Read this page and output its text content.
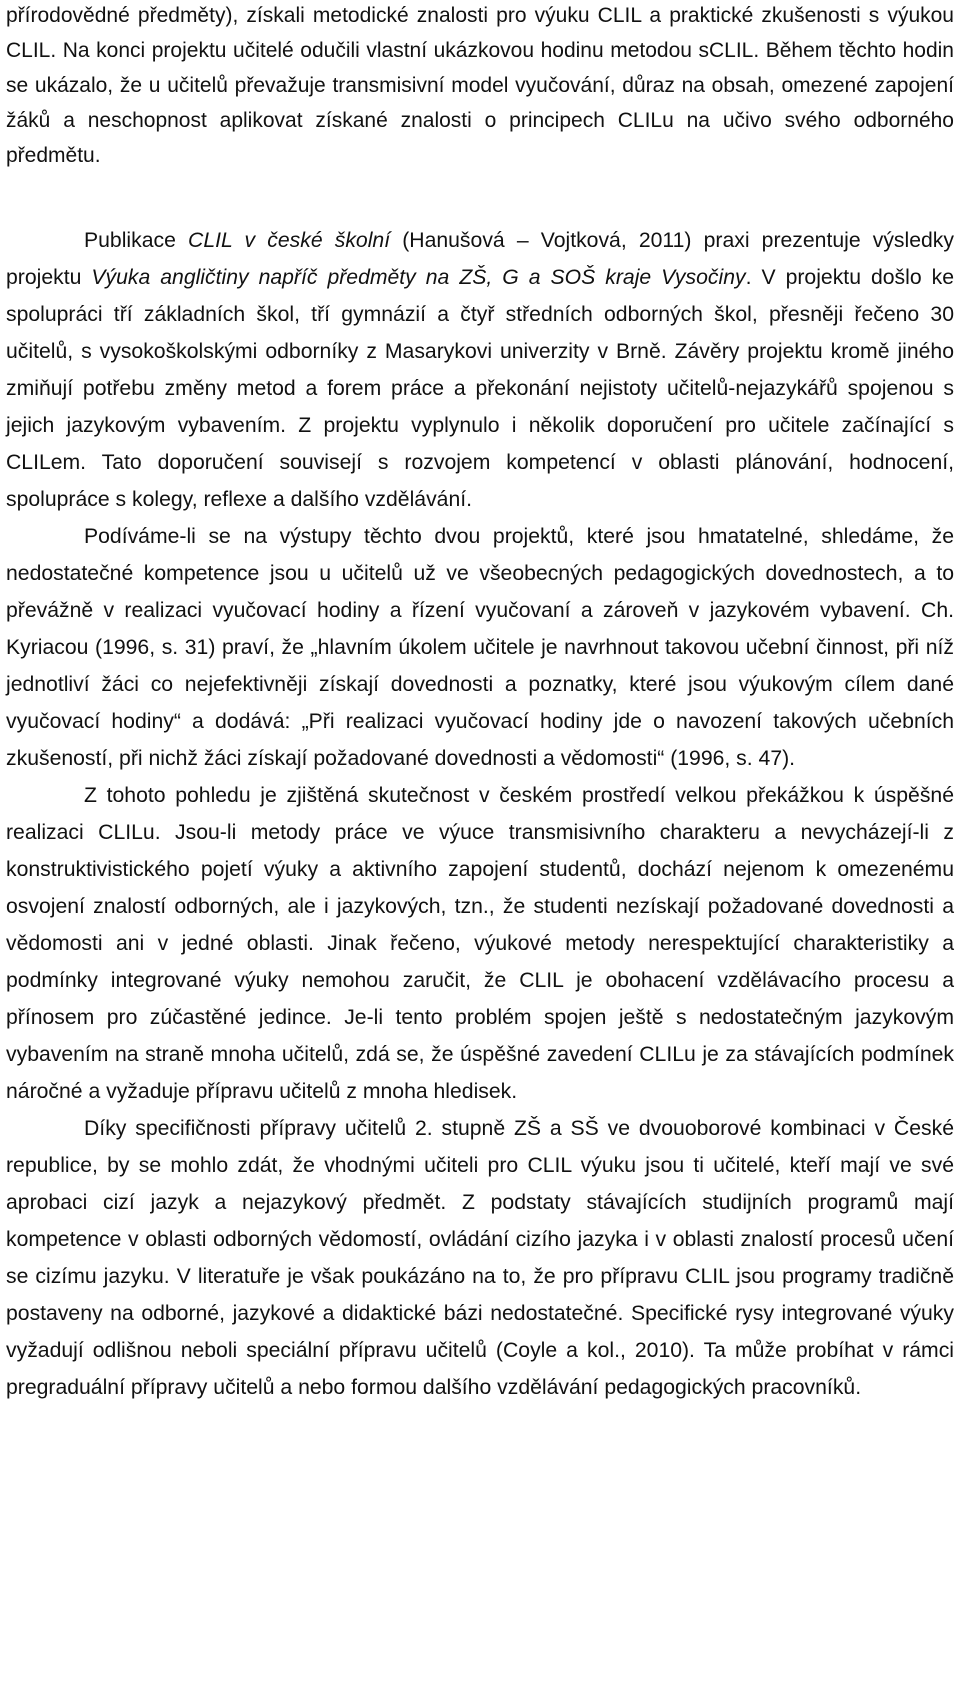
přírodovědné předměty), získali metodické znalosti pro výuku CLIL a praktické zkušenosti s výukou CLIL. Na konci projektu učitelé odučili vlastní ukázkovou hodinu metodou sCLIL. Během těchto hodin se ukázalo, že u učitelů převažuje transmisivní model vyučování, důraz na obsah, omezené zapojení žáků a neschopnost aplikovat získané znalosti o principech CLILu na učivo svého odborného předmětu.

Publikace CLIL v české školní (Hanušová – Vojtková, 2011) praxi prezentuje výsledky projektu Výuka angličtiny napříč předměty na ZŠ, G a SOŠ kraje Vysočiny. V projektu došlo ke spolupráci tří základních škol, tří gymnázií a čtyř středních odborných škol, přesněji řečeno 30 učitelů, s vysokoškolskými odborníky z Masarykovi univerzity v Brně. Závěry projektu kromě jiného zmiňují potřebu změny metod a forem práce a překonání nejistoty učitelů-nejazykářů spojenou s jejich jazykovým vybavením. Z projektu vyplynulo i několik doporučení pro učitele začínající s CLILem. Tato doporučení souvisejí s rozvojem kompetencí v oblasti plánování, hodnocení, spolupráce s kolegy, reflexe a dalšího vzdělávání.

Podíváme-li se na výstupy těchto dvou projektů, které jsou hmatatelné, shledáme, že nedostatečné kompetence jsou u učitelů už ve všeobecných pedagogických dovednostech, a to převážně v realizaci vyučovací hodiny a řízení vyučovaní a zároveň v jazykovém vybavení. Ch. Kyriacou (1996, s. 31) praví, že „hlavním úkolem učitele je navrhnout takovou učební činnost, při níž jednotliví žáci co nejefektivněji získají dovednosti a poznatky, které jsou výukovým cílem dané vyučovací hodiny“ a dodává: „Při realizaci vyučovací hodiny jde o navození takových učebních zkušeností, při nichž žáci získají požadované dovednosti a vědomosti“ (1996, s. 47).

Z tohoto pohledu je zjištěná skutečnost v českém prostředí velkou překážkou k úspěšné realizaci CLILu. Jsou-li metody práce ve výuce transmisivního charakteru a nevycházejí-li z konstruktivistického pojetí výuky a aktivního zapojení studentů, dochází nejenom k omezenému osvojení znalostí odborných, ale i jazykových, tzn., že studenti nezískají požadované dovednosti a vědomosti ani v jedné oblasti. Jinak řečeno, výukové metody nerespektující charakteristiky a podmínky integrované výuky nemohou zaručit, že CLIL je obohacení vzdělávacího procesu a přínosem pro zúčastěné jedince. Je-li tento problém spojen ještě s nedostatečným jazykovým vybavením na straně mnoha učitelů, zdá se, že úspěšné zavedení CLILu je za stávajících podmínek náročné a vyžaduje přípravu učitelů z mnoha hledisek.

Díky specifičnosti přípravy učitelů 2. stupně ZŠ a SŠ ve dvouoborové kombinaci v České republice, by se mohlo zdát, že vhodnými učiteli pro CLIL výuku jsou ti učitelé, kteří mají ve své aprobaci cizí jazyk a nejazykový předmět. Z podstaty stávajících studijních programů mají kompetence v oblasti odborných vědomostí, ovládání cizího jazyka i v oblasti znalostí procesů učení se cizímu jazyku. V literatuře je však poukázáno na to, že pro přípravu CLIL jsou programy tradičně postaveny na odborné, jazykové a didaktické bázi nedostatečné. Specifické rysy integrované výuky vyžadují odlišnou neboli speciální přípravu učitelů (Coyle a kol., 2010). Ta může probíhat v rámci pregraduální přípravy učitelů a nebo formou dalšího vzdělávání pedagogických pracovníků.
